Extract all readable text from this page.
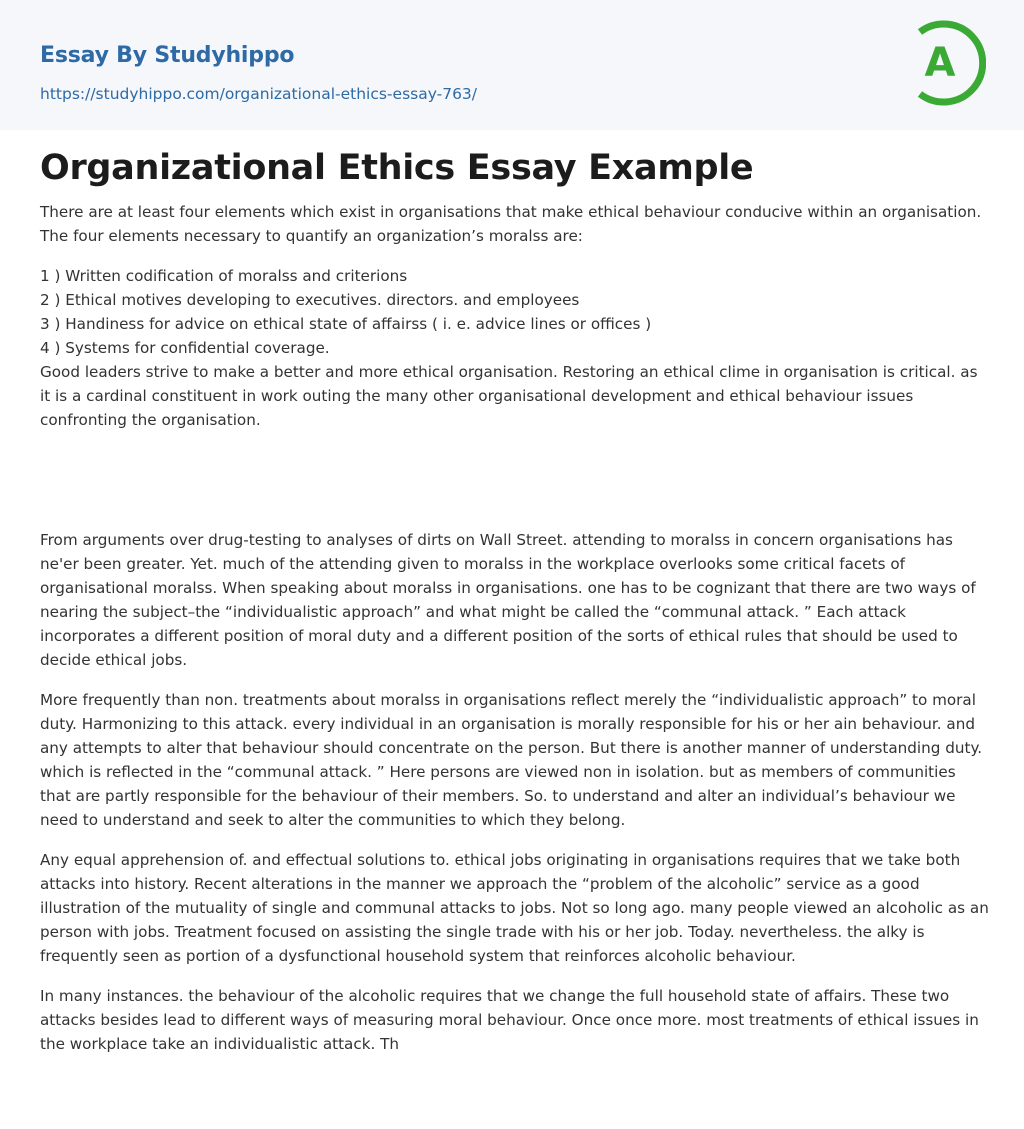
Essay By Studyhippo
https://studyhippo.com/organizational-ethics-essay-763/
A
Organizational Ethics Essay Example

There are at least four elements which exist in organisations that make ethical behaviour conducive within an organisation. The four elements necessary to quantify an organization’s moralss are:

1 ) Written codification of moralss and criterions
2 ) Ethical motives developing to executives. directors. and employees
3 ) Handiness for advice on ethical state of affairss ( i. e. advice lines or offices )
4 ) Systems for confidential coverage.

Good leaders strive to make a better and more ethical organisation. Restoring an ethical clime in organisation is critical. as it is a cardinal constituent in work outing the many other organisational development and ethical behaviour issues confronting the organisation.

From arguments over drug-testing to analyses of dirts on Wall Street. attending to moralss in concern organisations has ne'er been greater. Yet. much of the attending given to moralss in the workplace overlooks some critical facets of organisational moralss. When speaking about moralss in organisations. one has to be cognizant that there are two ways of nearing the subject–the “individualistic approach” and what might be called the “communal attack. ” Each attack incorporates a different position of moral duty and a different position of the sorts of ethical rules that should be used to decide ethical jobs.

More frequently than non. treatments about moralss in organisations reflect merely the “individualistic approach” to moral duty. Harmonizing to this attack. every individual in an organisation is morally responsible for his or her ain behaviour. and any attempts to alter that behaviour should concentrate on the person. But there is another manner of understanding duty. which is reflected in the “communal attack. ” Here persons are viewed non in isolation. but as members of communities that are partly responsible for the behaviour of their members. So. to understand and alter an individual’s behaviour we need to understand and seek to alter the communities to which they belong.

Any equal apprehension of. and effectual solutions to. ethical jobs originating in organisations requires that we take both attacks into history. Recent alterations in the manner we approach the “problem of the alcoholic” service as a good illustration of the mutuality of single and communal attacks to jobs. Not so long ago. many people viewed an alcoholic as an person with jobs. Treatment focused on assisting the single trade with his or her job. Today. nevertheless. the alky is frequently seen as portion of a dysfunctional household system that reinforces alcoholic behaviour.

In many instances. the behaviour of the alcoholic requires that we change the full household state of affairs. These two attacks besides lead to different ways of measuring moral behaviour. Once once more. most treatments of ethical issues in the workplace take an individualistic attack. Th
